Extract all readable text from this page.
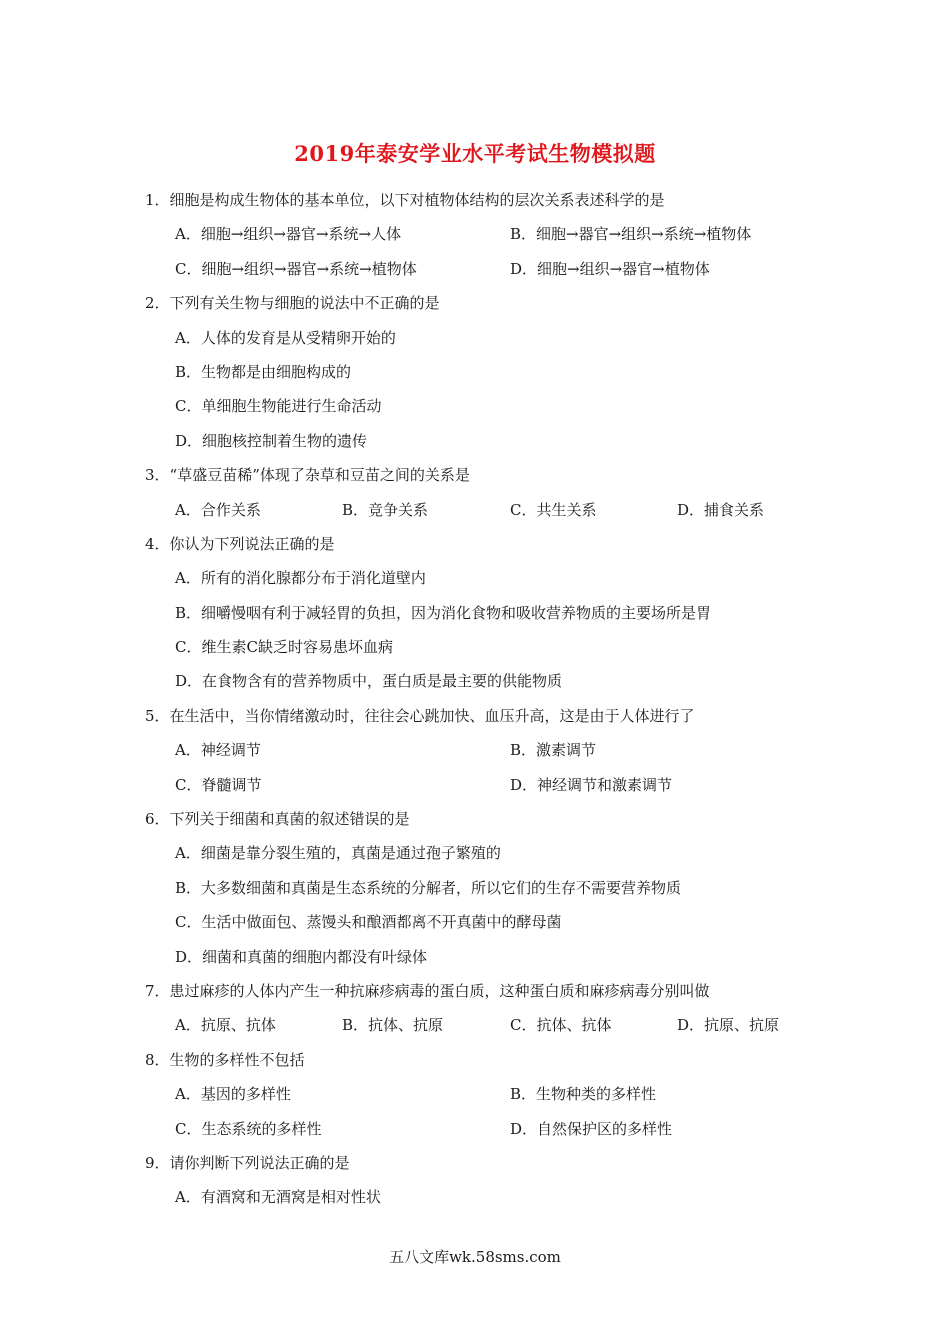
2019年泰安学业水平考试生物模拟题
1．细胞是构成生物体的基本单位，以下对植物体结构的层次关系表述科学的是
A．细胞→组织→器官→系统→人体	B．细胞→器官→组织→系统→植物体
C．细胞→组织→器官→系统→植物体	D．细胞→组织→器官→植物体
2．下列有关生物与细胞的说法中不正确的是
A．人体的发育是从受精卵开始的
B．生物都是由细胞构成的
C．单细胞生物能进行生命活动
D．细胞核控制着生物的遗传
3．“草盛豆苗稀”体现了杂草和豆苗之间的关系是
A．合作关系	B．竞争关系	C．共生关系	D．捕食关系
4．你认为下列说法正确的是
A．所有的消化腺都分布于消化道壁内
B．细嚼慢咽有利于减轻胃的负担，因为消化食物和吸收营养物质的主要场所是胃
C．维生素C缺乏时容易患坏血病
D．在食物含有的营养物质中，蛋白质是最主要的供能物质
5．在生活中，当你情绪激动时，往往会心跳加快、血压升高，这是由于人体进行了
A．神经调节	B．激素调节
C．脊髓调节	D．神经调节和激素调节
6．下列关于细菌和真菌的叙述错误的是
A．细菌是靠分裂生殖的，真菌是通过孢子繁殖的
B．大多数细菌和真菌是生态系统的分解者，所以它们的生存不需要营养物质
C．生活中做面包、蒸馒头和酿酒都离不开真菌中的酵母菌
D．细菌和真菌的细胞内都没有叶绿体
7．患过麻疹的人体内产生一种抗麻疹病毒的蛋白质，这种蛋白质和麻疹病毒分别叫做
A．抗原、抗体	B．抗体、抗原	C．抗体、抗体	D．抗原、抗原
8．生物的多样性不包括
A．基因的多样性	B．生物种类的多样性
C．生态系统的多样性	D．自然保护区的多样性
9．请你判断下列说法正确的是
A．有酒窝和无酒窝是相对性状
五八文库wk.58sms.com
